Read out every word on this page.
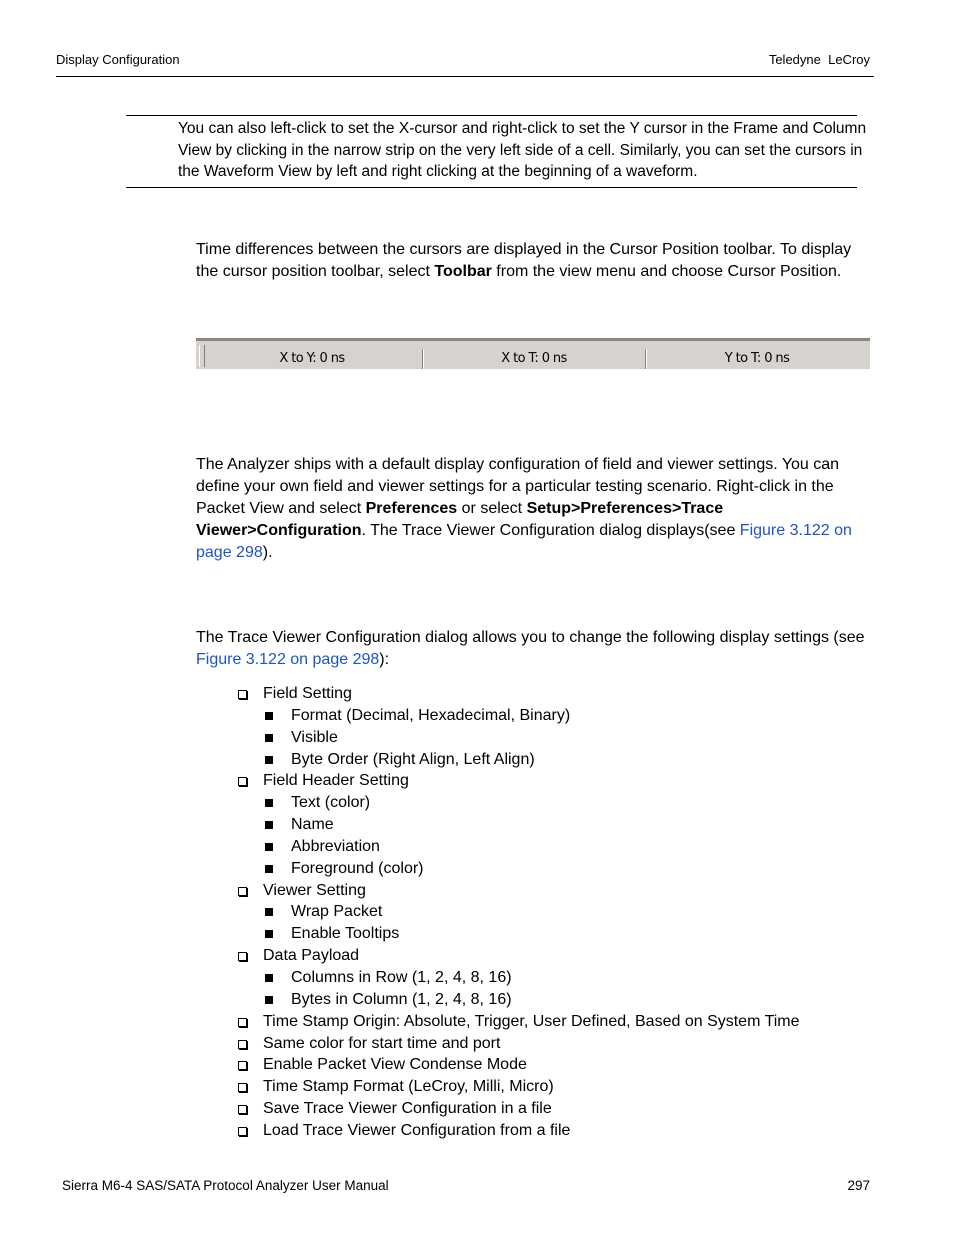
Display Configuration	Teledyne  LeCroy
You can also left-click to set the X-cursor and right-click to set the Y cursor in the Frame and Column View by clicking in the narrow strip on the very left side of a cell. Similarly, you can set the cursors in the Waveform View by left and right clicking at the beginning of a waveform.
Time differences between the cursors are displayed in the Cursor Position toolbar. To display the cursor position toolbar, select Toolbar from the view menu and choose Cursor Position.
X to Y: 0 ns	X to T: 0 ns	Y to T: 0 ns
The Analyzer ships with a default display configuration of field and viewer settings. You can define your own field and viewer settings for a particular testing scenario. Right-click in the Packet View and select Preferences or select Setup>Preferences>Trace Viewer>Configuration. The Trace Viewer Configuration dialog displays(see Figure 3.122 on page 298).
The Trace Viewer Configuration dialog allows you to change the following display settings (see Figure 3.122 on page 298):
Field Setting
Format (Decimal, Hexadecimal, Binary)
Visible
Byte Order (Right Align, Left Align)
Field Header Setting
Text (color)
Name
Abbreviation
Foreground (color)
Viewer Setting
Wrap Packet
Enable Tooltips
Data Payload
Columns in Row (1, 2, 4, 8, 16)
Bytes in Column (1, 2, 4, 8, 16)
Time Stamp Origin: Absolute, Trigger, User Defined, Based on System Time
Same color for start time and port
Enable Packet View Condense Mode
Time Stamp Format (LeCroy, Milli, Micro)
Save Trace Viewer Configuration in a file
Load Trace Viewer Configuration from a file
Sierra M6-4 SAS/SATA Protocol Analyzer User Manual	297
